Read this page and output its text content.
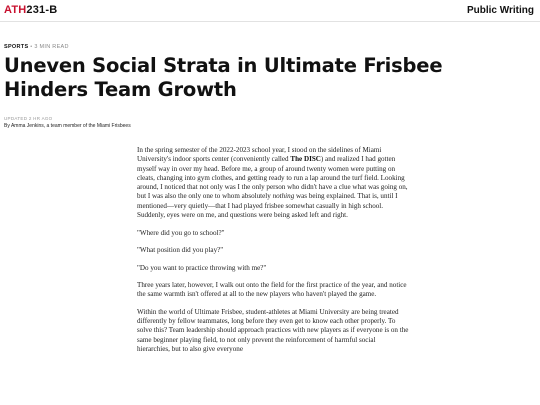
ATH231-B	Public Writing
SPORTS • 3 MIN READ
Uneven Social Strata in Ultimate Frisbee Hinders Team Growth
UPDATED 2 HR AGO
By Amma Jenkins, a team member of the Miami Frisbees

In the spring semester of the 2022-2023 school year, I stood on the sidelines of Miami University's indoor sports center (conveniently called The DISC) and realized I had gotten myself way in over my head. Before me, a group of around twenty women were putting on cleats, changing into gym clothes, and getting ready to run a lap around the turf field. Looking around, I noticed that not only was I the only person who didn't have a clue what was going on, but I was also the only one to whom absolutely nothing was being explained. That is, until I mentioned—very quietly—that I had played frisbee somewhat casually in high school. Suddenly, eyes were on me, and questions were being asked left and right.

"Where did you go to school?"

"What position did you play?"

"Do you want to practice throwing with me?"

Three years later, however, I walk out onto the field for the first practice of the year, and notice the same warmth isn't offered at all to the new players who haven't played the game.

Within the world of Ultimate Frisbee, student-athletes at Miami University are being treated differently by fellow teammates, long before they even get to know each other properly. To solve this? Team leadership should approach practices with new players as if everyone is on the same beginner playing field, to not only prevent the reinforcement of harmful social hierarchies, but to also give everyone
